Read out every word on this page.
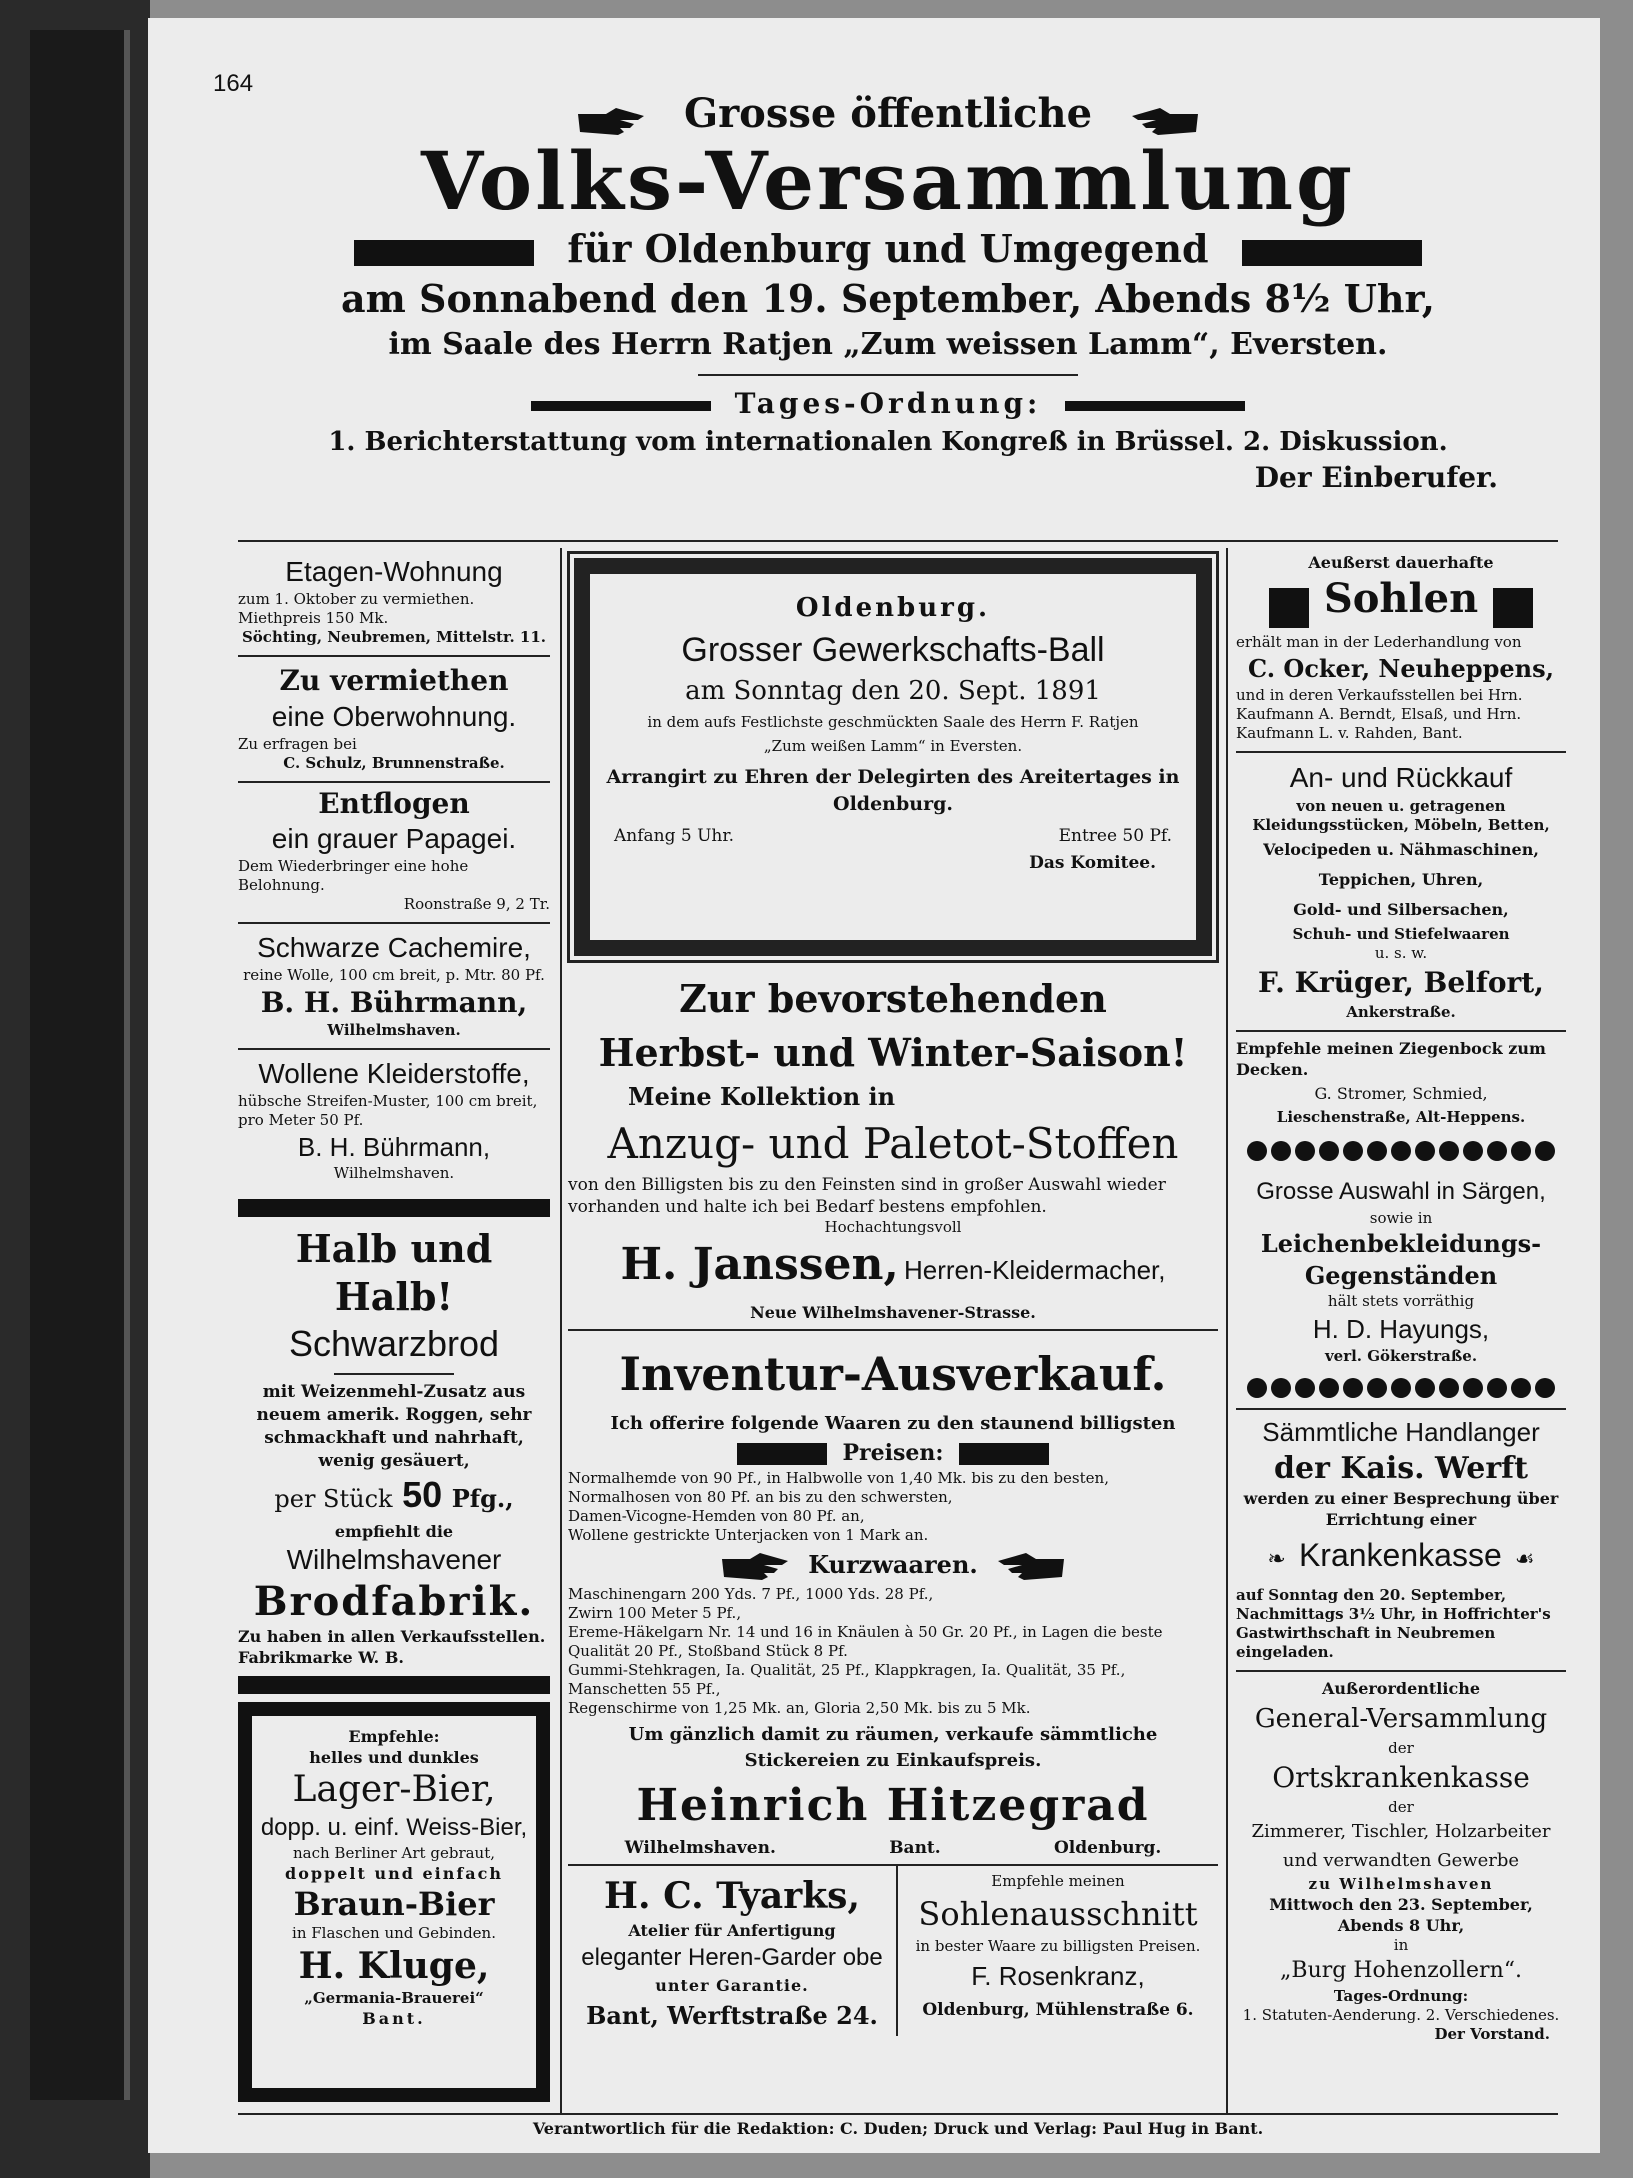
164
Grosse öffentliche
Volks-Versammlung
für Oldenburg und Umgegend
am Sonnabend den 19. September, Abends 8½ Uhr,
im Saale des Herrn Ratjen „Zum weissen Lamm“, Eversten.
Tages-Ordnung:
1. Berichterstattung vom internationalen Kongreß in Brüssel. 2. Diskussion.
Der Einberufer.
Etagen-Wohnung
zum 1. Oktober zu vermiethen. Miethpreis 150 Mk.
Söchting, Neubremen, Mittelstr. 11.
Zu vermiethen
eine Oberwohnung.
Zu erfragen bei
C. Schulz, Brunnenstraße.
Entflogen
ein grauer Papagei.
Dem Wiederbringer eine hohe Belohnung.
Roonstraße 9, 2 Tr.
Schwarze Cachemire,
reine Wolle, 100 cm breit, p. Mtr. 80 Pf.
B. H. Bührmann,
Wilhelmshaven.
Wollene Kleiderstoffe,
hübsche Streifen-Muster, 100 cm breit, pro Meter 50 Pf.
B. H. Bührmann,
Wilhelmshaven.
Halb und Halb!
Schwarzbrod
mit Weizenmehl-Zusatz aus neuem amerik. Roggen, sehr schmackhaft und nahrhaft, wenig gesäuert,
per Stück 50 Pfg.,
empfiehlt die
Wilhelmshavener
Brodfabrik.
Zu haben in allen Verkaufsstellen. Fabrikmarke W. B.
Empfehle:
helles und dunkles
Lager-Bier,
dopp. u. einf. Weiss-Bier,
nach Berliner Art gebraut,
doppelt und einfach
Braun-Bier
in Flaschen und Gebinden.
H. Kluge,
„Germania-Brauerei“
Bant.
Oldenburg.
Grosser Gewerkschafts-Ball
am Sonntag den 20. Sept. 1891
in dem aufs Festlichste geschmückten Saale des Herrn F. Ratjen
„Zum weißen Lamm“ in Eversten.
Arrangirt zu Ehren der Delegirten des Areitertages in Oldenburg.
Anfang 5 Uhr.	Entree 50 Pf.
Das Komitee.
Zur bevorstehenden
Herbst- und Winter-Saison!
Meine Kollektion in
Anzug- und Paletot-Stoffen
von den Billigsten bis zu den Feinsten sind in großer Auswahl wieder vorhanden und halte ich bei Bedarf bestens empfohlen.
Hochachtungsvoll
H. Janssen, Herren-Kleidermacher,
Neue Wilhelmshavener-Strasse.
Inventur-Ausverkauf.
Ich offerire folgende Waaren zu den staunend billigsten
Preisen:
Normalhemde von 90 Pf., in Halbwolle von 1,40 Mk. bis zu den besten,
Normalhosen von 80 Pf. an bis zu den schwersten,
Damen-Vicogne-Hemden von 80 Pf. an,
Wollene gestrickte Unterjacken von 1 Mark an.
Kurzwaaren.
Maschinengarn 200 Yds. 7 Pf., 1000 Yds. 28 Pf.,
Zwirn 100 Meter 5 Pf.,
Ereme-Häkelgarn Nr. 14 und 16 in Knäulen à 50 Gr. 20 Pf., in Lagen die beste Qualität 20 Pf., Stoßband Stück 8 Pf.
Gummi-Stehkragen, Ia. Qualität, 25 Pf., Klappkragen, Ia. Qualität, 35 Pf., Manschetten 55 Pf.,
Regenschirme von 1,25 Mk. an, Gloria 2,50 Mk. bis zu 5 Mk.
Um gänzlich damit zu räumen, verkaufe sämmtliche Stickereien zu Einkaufspreis.
Heinrich Hitzegrad
Wilhelmshaven.	Bant.	Oldenburg.
H. C. Tyarks,
Atelier für Anfertigung
eleganter Heren-Garder obe
unter Garantie.
Bant, Werftstraße 24.
Empfehle meinen
Sohlenausschnitt
in bester Waare zu billigsten Preisen.
F. Rosenkranz,
Oldenburg, Mühlenstraße 6.
Aeußerst dauerhafte
Sohlen
erhält man in der Lederhandlung von
C. Ocker, Neuheppens,
und in deren Verkaufsstellen bei Hrn. Kaufmann A. Berndt, Elsaß, und Hrn. Kaufmann L. v. Rahden, Bant.
An- und Rückkauf
von neuen u. getragenen Kleidungsstücken, Möbeln, Betten,
Velocipeden u. Nähmaschinen,
Teppichen, Uhren,
Gold- und Silbersachen,
Schuh- und Stiefelwaaren
u. s. w.
F. Krüger, Belfort,
Ankerstraße.
Empfehle meinen Ziegenbock zum Decken.
G. Stromer, Schmied,
Lieschenstraße, Alt-Heppens.
Grosse Auswahl in Särgen,
sowie in
Leichenbekleidungs-
Gegenständen
hält stets vorräthig
H. D. Hayungs,
verl. Gökerstraße.
Sämmtliche Handlanger
der Kais. Werft
werden zu einer Besprechung über Errichtung einer
❧ Krankenkasse ☙
auf Sonntag den 20. September, Nachmittags 3½ Uhr, in Hoffrichter's Gastwirthschaft in Neubremen eingeladen.
Außerordentliche
General-Versammlung
der
Ortskrankenkasse
der
Zimmerer, Tischler, Holzarbeiter
und verwandten Gewerbe
zu Wilhelmshaven
Mittwoch den 23. September,
Abends 8 Uhr,
in
„Burg Hohenzollern“.
Tages-Ordnung:
1. Statuten-Aenderung. 2. Verschiedenes.
Der Vorstand.
Verantwortlich für die Redaktion: C. Duden; Druck und Verlag: Paul Hug in Bant.
